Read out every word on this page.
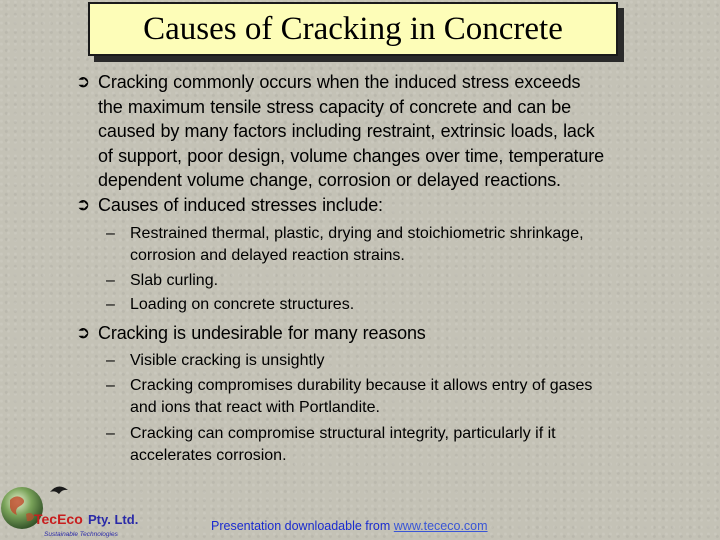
Causes of Cracking in Concrete
➲ Cracking commonly occurs when the induced stress exceeds
the maximum tensile stress capacity of concrete and can be
caused by many factors including restraint, extrinsic loads, lack
of support, poor design, volume changes over time, temperature
dependent volume change, corrosion or delayed reactions.
➲ Causes of induced stresses include:
– Restrained thermal, plastic, drying and stoichiometric shrinkage,
corrosion and delayed reaction strains.
– Slab curling.
– Loading on concrete structures.
➲ Cracking is undesirable for many reasons
– Visible cracking is unsightly
– Cracking compromises durability because it allows entry of gases
and ions that react with Portlandite.
– Cracking can compromise structural integrity, particularly if it
accelerates corrosion.
TecEco Pty. Ltd.
Sustainable Technologies
Presentation downloadable from www.tececo.com
